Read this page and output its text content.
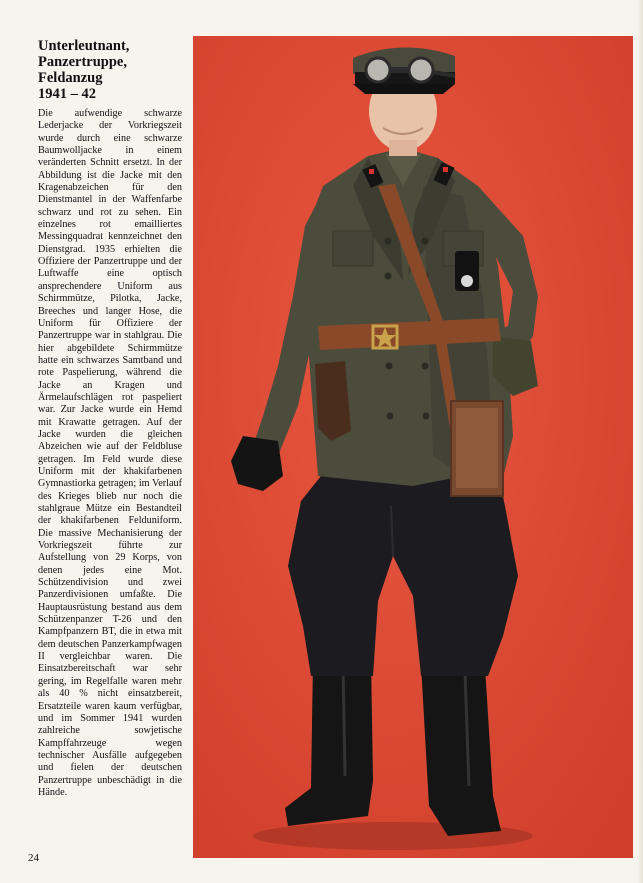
Unterleutnant,
Panzertruppe,
Feldanzug
1941 – 42

Die aufwendige schwarze Lederjacke der Vorkriegszeit wurde durch eine schwarze Baumwolljacke in einem veränderten Schnitt ersetzt. In der Abbildung ist die Jacke mit den Kragenabzeichen für den Dienstmantel in der Waffenfarbe schwarz und rot zu sehen. Ein einzelnes rot emailliertes Messingquadrat kennzeichnet den Dienstgrad. 1935 erhielten die Offiziere der Panzertruppe und der Luftwaffe eine optisch ansprechendere Uniform aus Schirmmütze, Pilotka, Jacke, Breeches und langer Hose, die Uniform für Offiziere der Panzertruppe war in stahlgrau. Die hier abgebildete Schirmmütze hatte ein schwarzes Samtband und rote Paspelierung, während die Jacke an Kragen und Ärmelaufschlägen rot paspeliert war. Zur Jacke wurde ein Hemd mit Krawatte getragen. Auf der Jacke wurden die gleichen Abzeichen wie auf der Feldbluse getragen. Im Feld wurde diese Uniform mit der khakifarbenen Gymnastiorka getragen; im Verlauf des Krieges blieb nur noch die stahlgraue Mütze ein Bestandteil der khakifarbenen Felduniform. Die massive Mechanisierung der Vorkriegszeit führte zur Aufstellung von 29 Korps, von denen jedes eine Mot. Schützendivision und zwei Panzerdivisionen umfaßte. Die Hauptausrüstung bestand aus dem Schützenpanzer T-26 und den Kampfpanzern BT, die in etwa mit dem deutschen Panzerkampfwagen II vergleichbar waren. Die Einsatzbereitschaft war sehr gering, im Regelfalle waren mehr als 40 % nicht einsatzbereit, Ersatzteile waren kaum verfügbar, und im Sommer 1941 wurden zahlreiche sowjetische Kampffahrzeuge wegen technischer Ausfälle aufgegeben und fielen der deutschen Panzertruppe unbeschädigt in die Hände.

24
